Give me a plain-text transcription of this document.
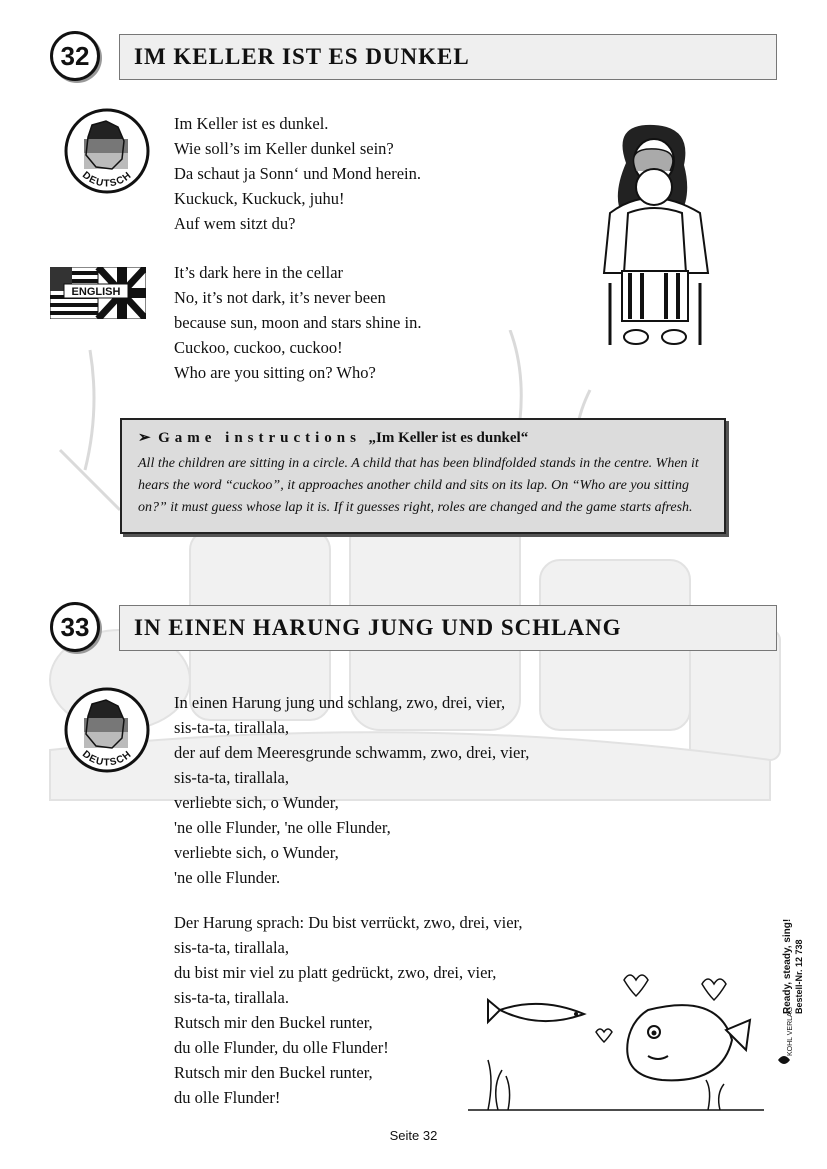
32 IM KELLER IST ES DUNKEL
DEUTSCH
Im Keller ist es dunkel.
Wie soll’s im Keller dunkel sein?
Da schaut ja Sonn‘ und Mond herein.
Kuckuck, Kuckuck, juhu!
Auf wem sitzt du?
ENGLISH
It’s dark here in the cellar
No, it’s not dark, it’s never been
because sun, moon and stars shine in.
Cuckoo, cuckoo, cuckoo!
Who are you sitting on? Who?
➢ Game instructions „Im Keller ist es dunkel“
All the children are sitting in a circle. A child that has been blindfolded stands in the centre. When it hears the word “cuckoo”, it approaches another child and sits on its lap. On “Who are you sitting on?” it must guess whose lap it is. If it guesses right, roles are changed and the game starts afresh.
33 IN EINEN HARUNG JUNG UND SCHLANG
DEUTSCH
In einen Harung jung und schlang, zwo, drei, vier,
sis-ta-ta, tirallala,
der auf dem Meeresgrunde schwamm, zwo, drei, vier,
sis-ta-ta, tirallala,
verliebte sich, o Wunder,
'ne olle Flunder, 'ne olle Flunder,
verliebte sich, o Wunder,
'ne olle Flunder.
Der Harung sprach: Du bist verrückt, zwo, drei, vier,
sis-ta-ta, tirallala,
du bist mir viel zu platt gedrückt, zwo, drei, vier,
sis-ta-ta, tirallala.
Rutsch mir den Buckel runter,
du olle Flunder, du olle Flunder!
Rutsch mir den Buckel runter,
du olle Flunder!
Ready, steady, sing! Bestell-Nr. 12 738
KOHL VERLAG
Seite 32
